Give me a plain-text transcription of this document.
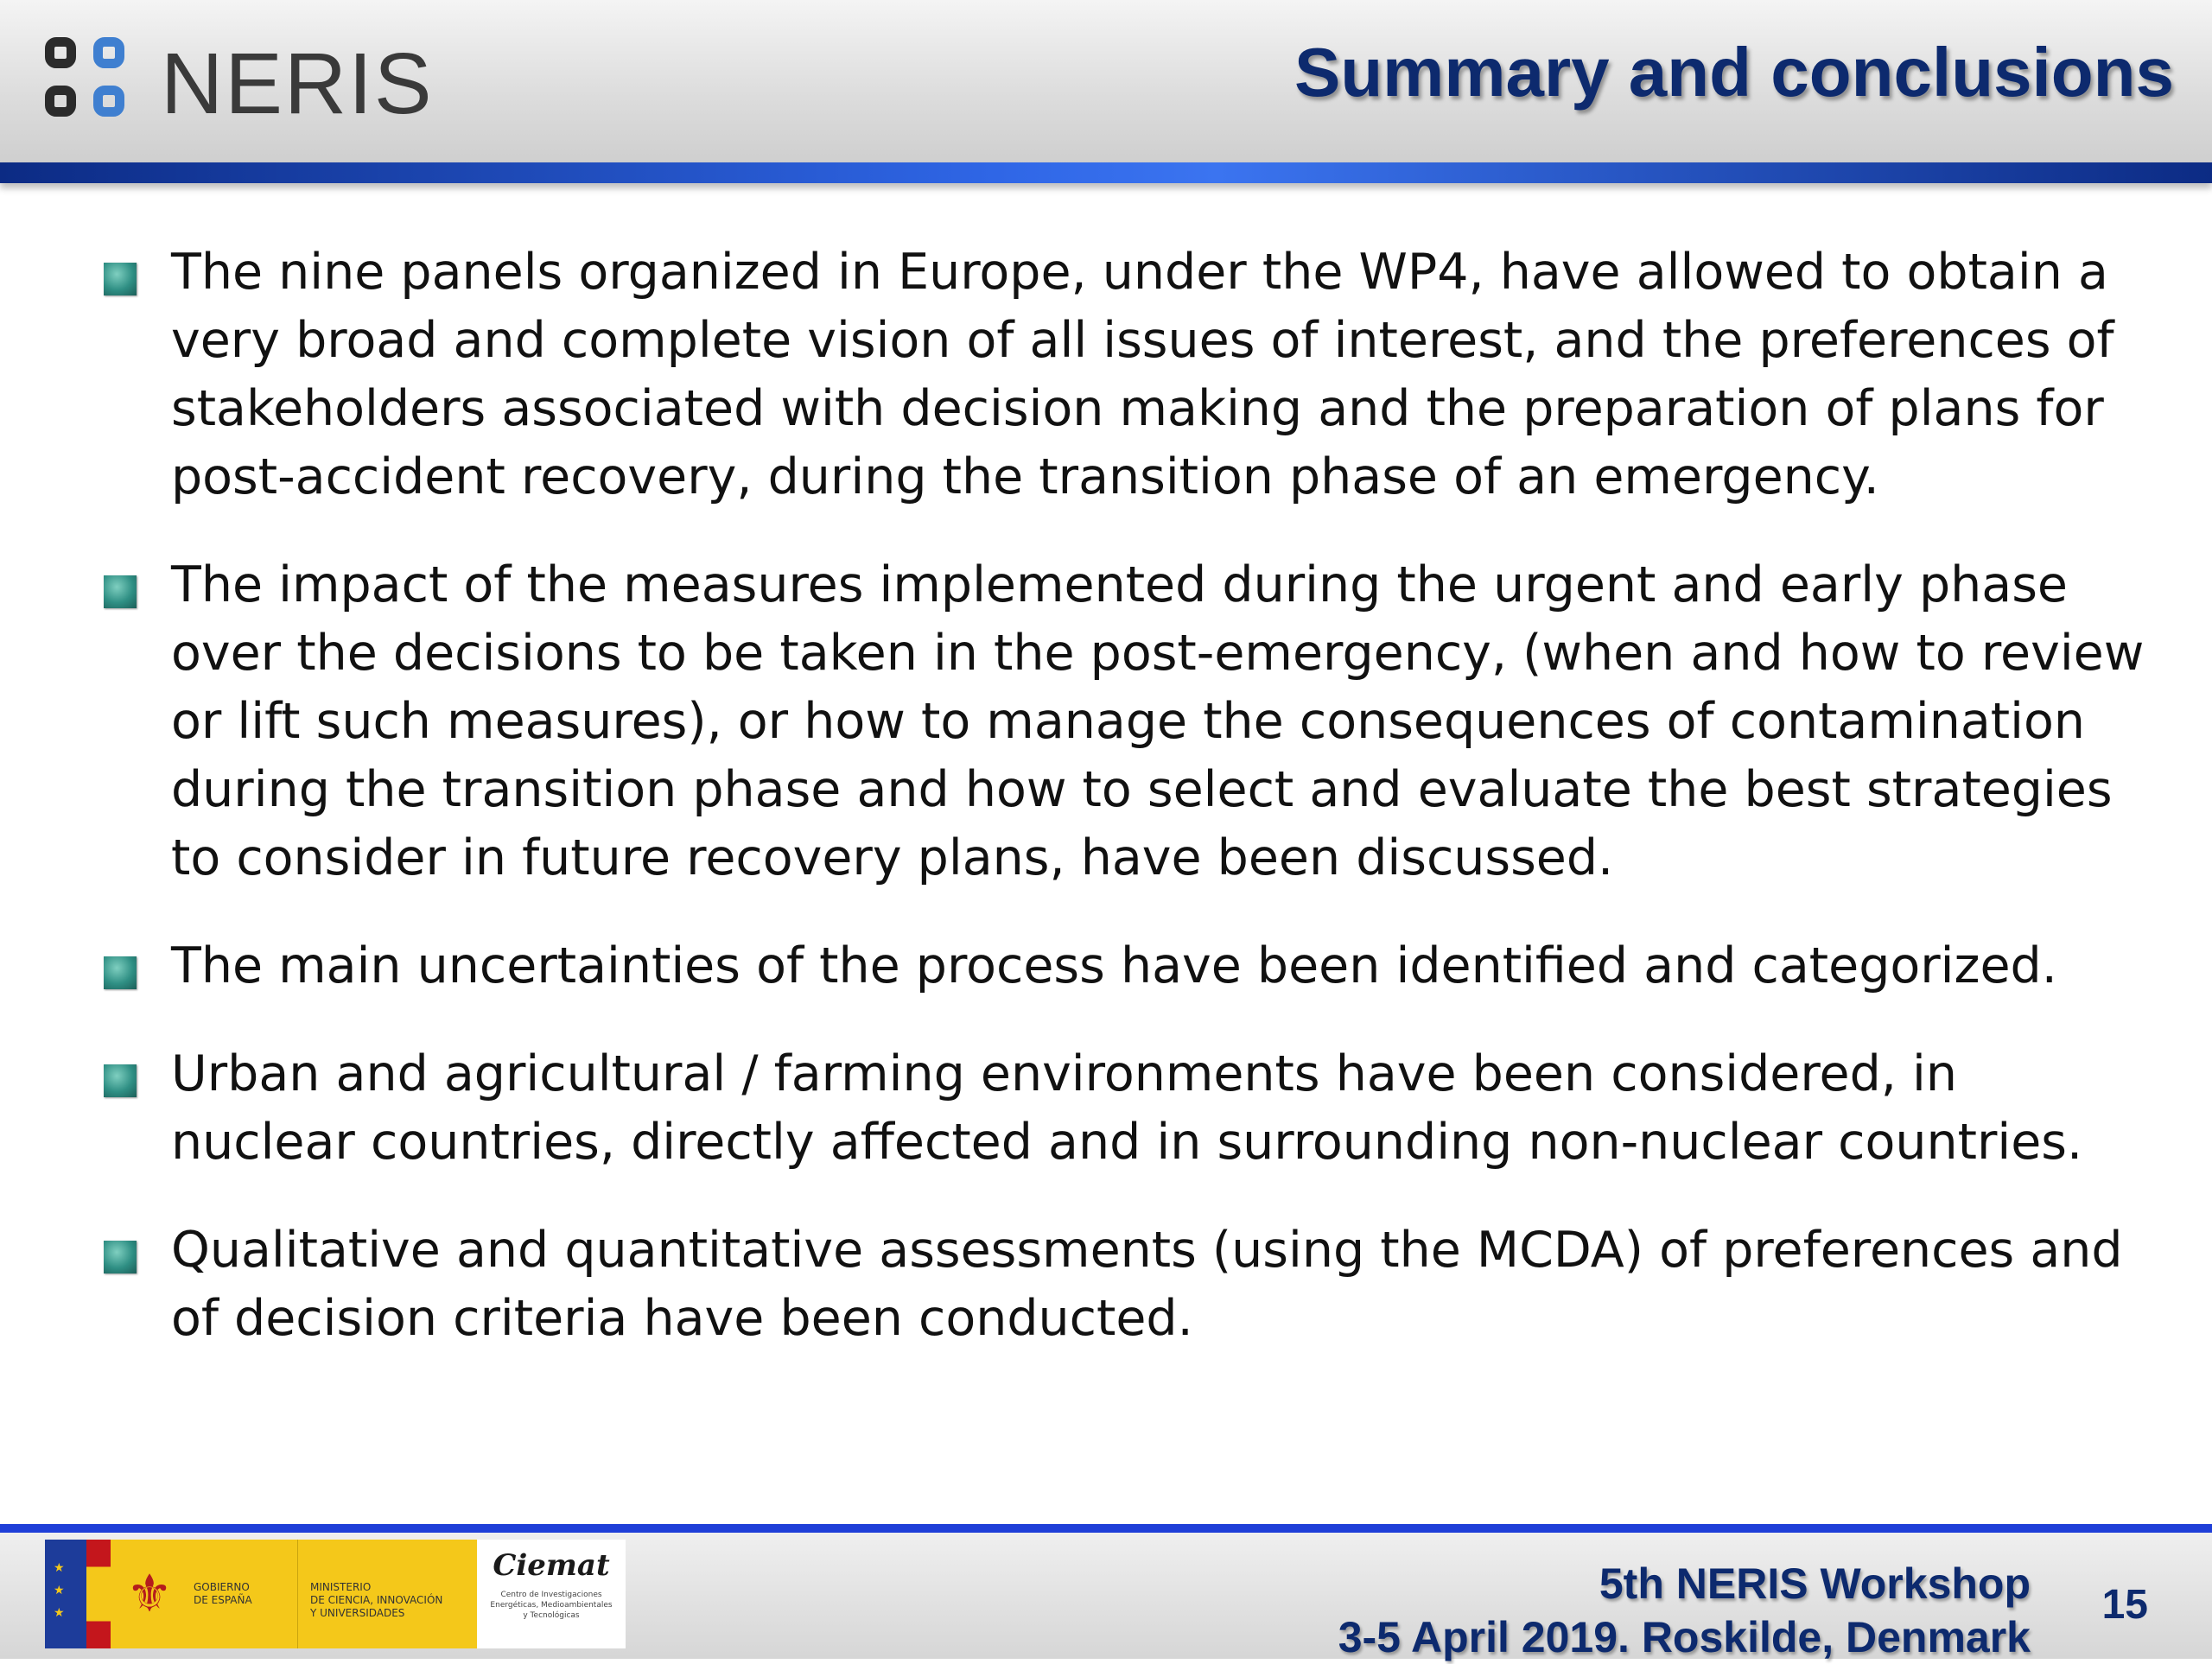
NERIS	Summary and conclusions
The nine panels organized in Europe, under the WP4, have allowed to obtain a very broad and complete vision of all issues of interest, and the preferences of stakeholders associated with decision making and the preparation of plans for post-accident recovery, during the transition phase of an emergency.
The impact of the measures implemented during the urgent and early phase over the decisions to be taken in the post-emergency, (when and how to review or lift such measures), or how to manage the consequences of contamination during the transition phase and how to select and evaluate the best strategies to consider in future recovery plans, have been discussed.
The main uncertainties of the process have been identified and categorized.
Urban and agricultural / farming environments have been considered, in nuclear countries, directly affected and in surrounding non-nuclear countries.
Qualitative and quantitative assessments (using the MCDA) of preferences and of decision criteria have been conducted.
★ ★ ★
⚜	GOBIERNO
DE ESPAÑA
MINISTERIO
DE CIENCIA, INNOVACIÓN
Y UNIVERSIDADES
Ciemat
Centro de Investigaciones
Energéticas, Medioambientales
y Tecnológicas
5th NERIS Workshop
3-5 April 2019. Roskilde, Denmark
15
